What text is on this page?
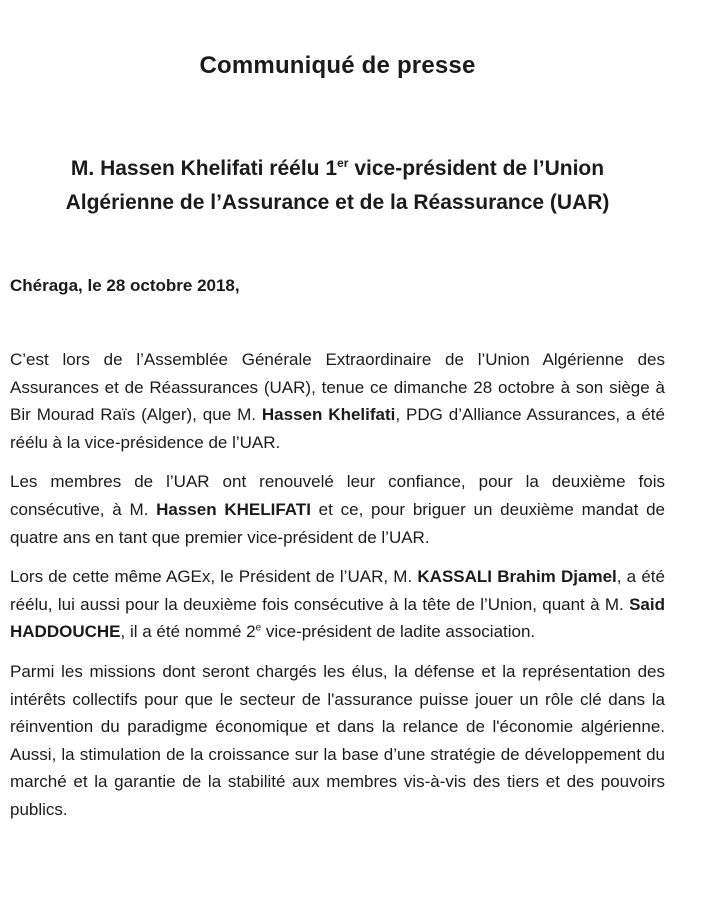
Communiqué de presse
M. Hassen Khelifati réélu 1er vice-président de l’Union
Algérienne de l’Assurance et de la Réassurance (UAR)
Chéraga, le 28 octobre 2018,

C’est lors de l’Assemblée Générale Extraordinaire de l’Union Algérienne des Assurances et de Réassurances (UAR), tenue ce dimanche 28 octobre à son siège à Bir Mourad Raïs (Alger), que M. Hassen Khelifati, PDG d’Alliance Assurances, a été réélu à la vice-présidence de l’UAR.

Les membres de l’UAR ont renouvelé leur confiance, pour la deuxième fois consécutive, à M. Hassen KHELIFATI et ce, pour briguer un deuxième mandat de quatre ans en tant que premier vice-président de l’UAR.

Lors de cette même AGEx, le Président de l’UAR, M. KASSALI Brahim Djamel, a été réélu, lui aussi pour la deuxième fois consécutive à la tête de l’Union, quant à M. Said HADDOUCHE, il a été nommé 2e vice-président de ladite association.

Parmi les missions dont seront chargés les élus, la défense et la représentation des intérêts collectifs pour que le secteur de l'assurance puisse jouer un rôle clé dans la réinvention du paradigme économique et dans la relance de l'économie algérienne. Aussi, la stimulation de la croissance sur la base d’une stratégie de développement du marché et la garantie de la stabilité aux membres vis-à-vis des tiers et des pouvoirs publics.
